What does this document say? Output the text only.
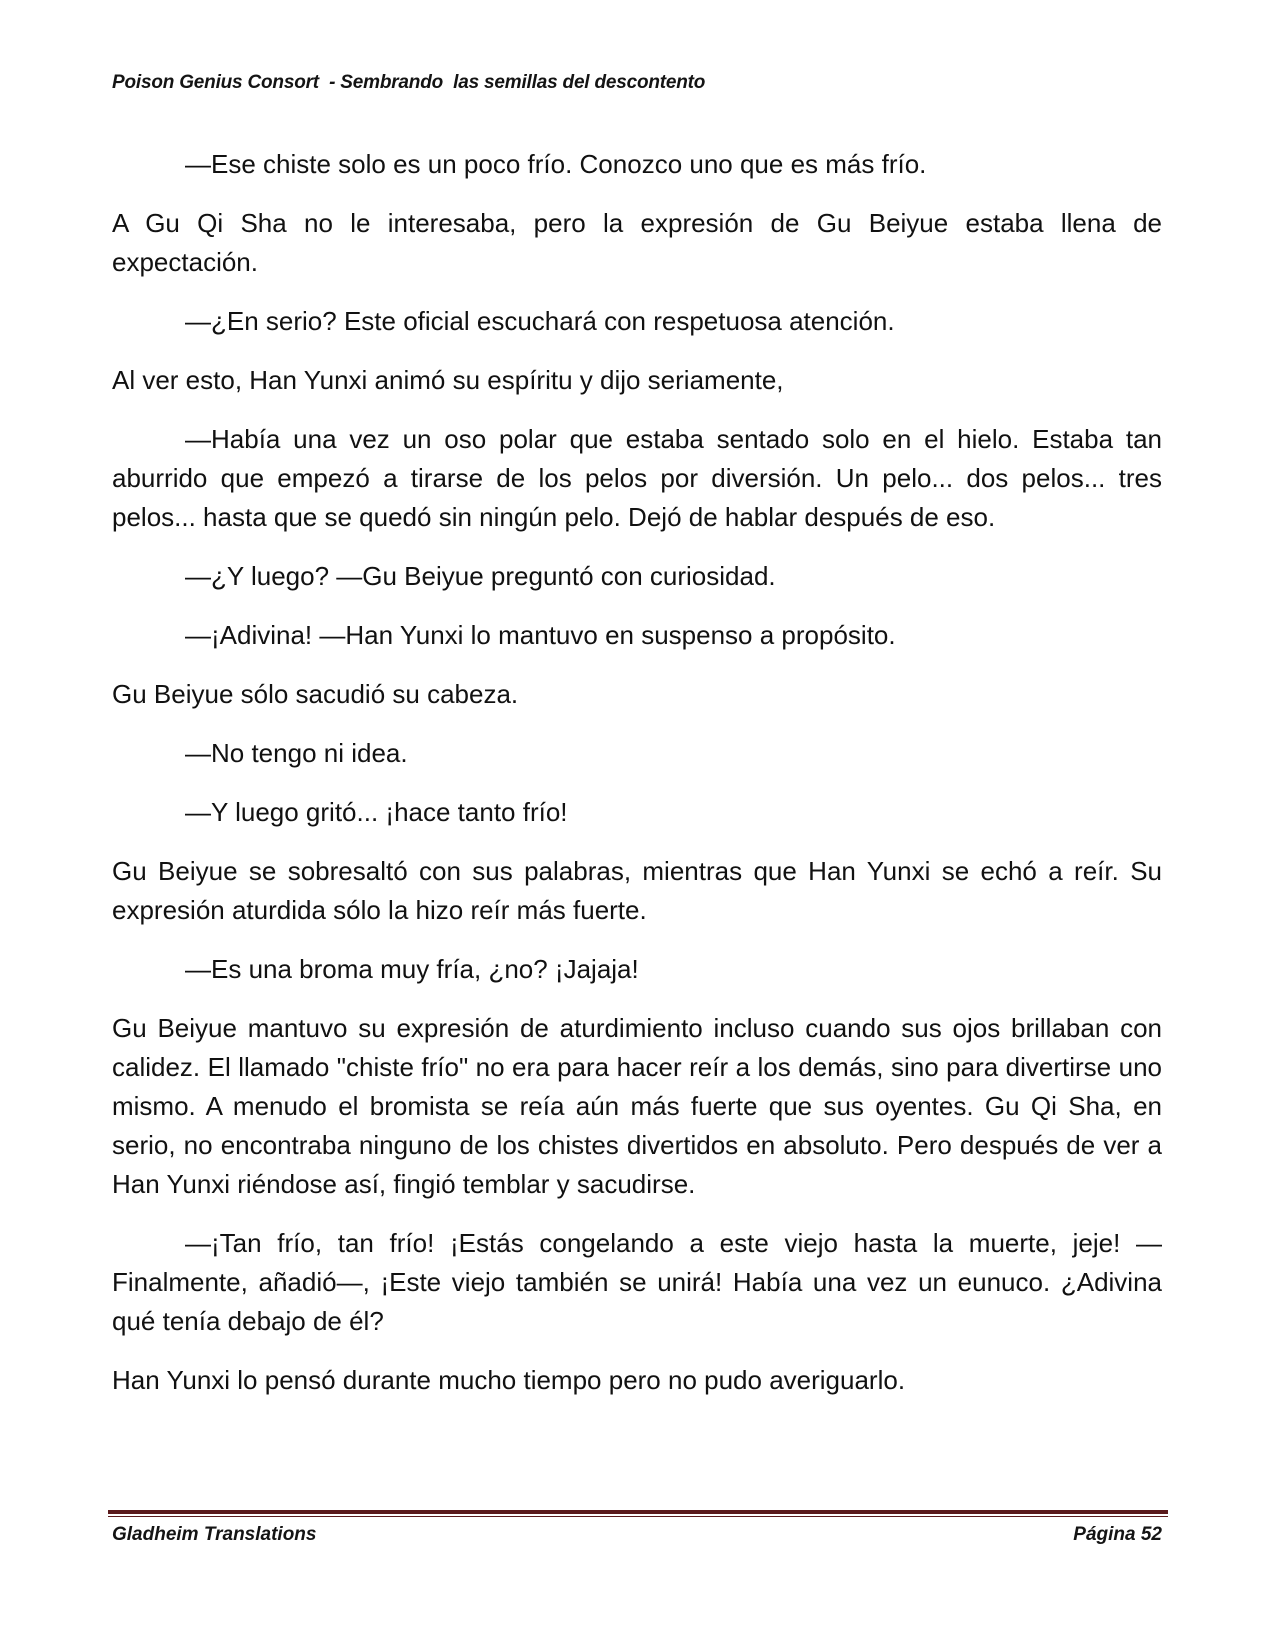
Poison Genius Consort  - Sembrando  las semillas del descontento

—Ese chiste solo es un poco frío. Conozco uno que es más frío.

A Gu Qi Sha no le interesaba, pero la expresión de Gu Beiyue estaba llena de expectación.

—¿En serio? Este oficial escuchará con respetuosa atención.

Al ver esto, Han Yunxi animó su espíritu y dijo seriamente,

—Había una vez un oso polar que estaba sentado solo en el hielo. Estaba tan aburrido que empezó a tirarse de los pelos por diversión. Un pelo... dos pelos... tres pelos... hasta que se quedó sin ningún pelo. Dejó de hablar después de eso.

—¿Y luego? —Gu Beiyue preguntó con curiosidad.

—¡Adivina! —Han Yunxi lo mantuvo en suspenso a propósito.

Gu Beiyue sólo sacudió su cabeza.

—No tengo ni idea.

—Y luego gritó... ¡hace tanto frío!

Gu Beiyue se sobresaltó con sus palabras, mientras que Han Yunxi se echó a reír. Su expresión aturdida sólo la hizo reír más fuerte.

—Es una broma muy fría, ¿no? ¡Jajaja!

Gu Beiyue mantuvo su expresión de aturdimiento incluso cuando sus ojos brillaban con calidez. El llamado "chiste frío" no era para hacer reír a los demás, sino para divertirse uno mismo. A menudo el bromista se reía aún más fuerte que sus oyentes. Gu Qi Sha, en serio, no encontraba ninguno de los chistes divertidos en absoluto. Pero después de ver a Han Yunxi riéndose así, fingió temblar y sacudirse.

—¡Tan frío, tan frío! ¡Estás congelando a este viejo hasta la muerte, jeje! —Finalmente, añadió—, ¡Este viejo también se unirá! Había una vez un eunuco. ¿Adivina qué tenía debajo de él?

Han Yunxi lo pensó durante mucho tiempo pero no pudo averiguarlo.

Gladheim Translations	Página 52
